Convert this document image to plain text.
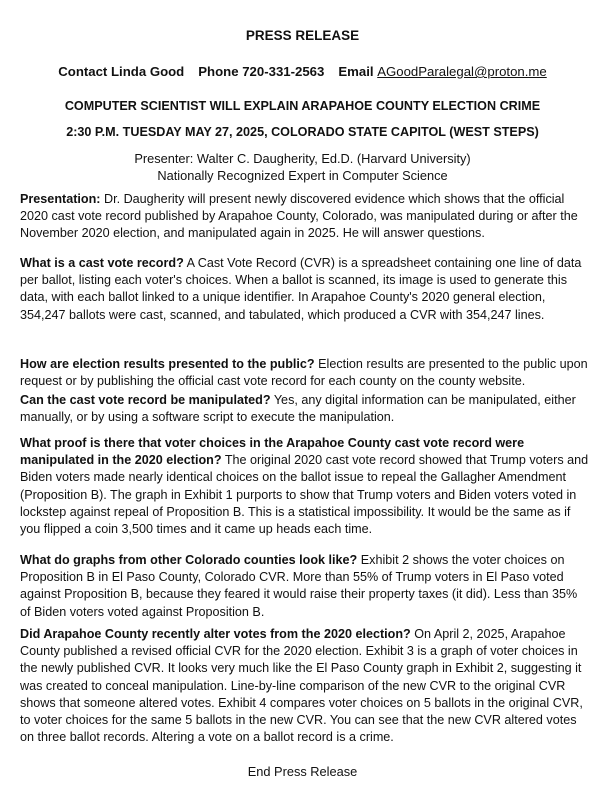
PRESS RELEASE
Contact Linda Good Phone 720-331-2563 Email AGoodParalegal@proton.me
COMPUTER SCIENTIST WILL EXPLAIN ARAPAHOE COUNTY ELECTION CRIME
2:30 P.M. TUESDAY MAY 27, 2025, COLORADO STATE CAPITOL (WEST STEPS)
Presenter: Walter C. Daugherity, Ed.D. (Harvard University)
Nationally Recognized Expert in Computer Science

Presentation: Dr. Daugherity will present newly discovered evidence which shows that the official 2020 cast vote record published by Arapahoe County, Colorado, was manipulated during or after the November 2020 election, and manipulated again in 2025. He will answer questions.

What is a cast vote record? A Cast Vote Record (CVR) is a spreadsheet containing one line of data per ballot, listing each voter's choices. When a ballot is scanned, its image is used to generate this data, with each ballot linked to a unique identifier. In Arapahoe County's 2020 general election, 354,247 ballots were cast, scanned, and tabulated, which produced a CVR with 354,247 lines.

How are election results presented to the public? Election results are presented to the public upon request or by publishing the official cast vote record for each county on the county website.

Can the cast vote record be manipulated? Yes, any digital information can be manipulated, either manually, or by using a software script to execute the manipulation.

What proof is there that voter choices in the Arapahoe County cast vote record were manipulated in the 2020 election? The original 2020 cast vote record showed that Trump voters and Biden voters made nearly identical choices on the ballot issue to repeal the Gallagher Amendment (Proposition B). The graph in Exhibit 1 purports to show that Trump voters and Biden voters voted in lockstep against repeal of Proposition B. This is a statistical impossibility. It would be the same as if you flipped a coin 3,500 times and it came up heads each time.

What do graphs from other Colorado counties look like? Exhibit 2 shows the voter choices on Proposition B in El Paso County, Colorado CVR. More than 55% of Trump voters in El Paso voted against Proposition B, because they feared it would raise their property taxes (it did). Less than 35% of Biden voters voted against Proposition B.

Did Arapahoe County recently alter votes from the 2020 election? On April 2, 2025, Arapahoe County published a revised official CVR for the 2020 election. Exhibit 3 is a graph of voter choices in the newly published CVR. It looks very much like the El Paso County graph in Exhibit 2, suggesting it was created to conceal manipulation. Line-by-line comparison of the new CVR to the original CVR shows that someone altered votes. Exhibit 4 compares voter choices on 5 ballots in the original CVR, to voter choices for the same 5 ballots in the new CVR. You can see that the new CVR altered votes on three ballot records. Altering a vote on a ballot record is a crime.

End Press Release
